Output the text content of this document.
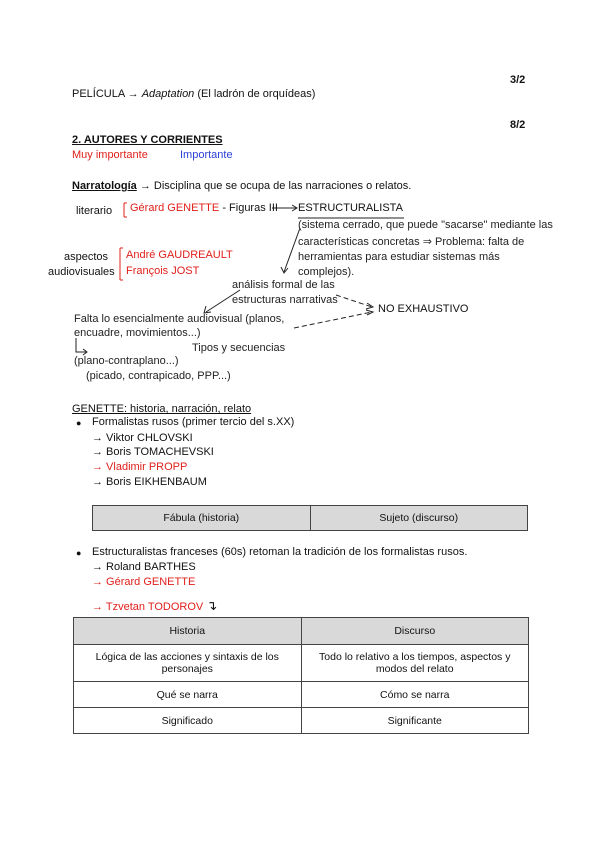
PELÍCULA → Adaptation (El ladrón de orquídeas)
3/2
8/2
2. AUTORES Y CORRIENTES
Muy importante	Importante
Narratología → Disciplina que se ocupa de las narraciones o relatos.
literario Gérard GENETTE - Figuras III ESTRUCTURALISTA
(sistema cerrado, que puede "sacarse" mediante las
características concretas ⇒ Problema: falta de
herramientas para estudiar sistemas más
complejos).
aspectos
audiovisuales
André GAUDREAULT
François JOST
análisis formal de las
estructuras narrativas
NO EXHAUSTIVO
Falta lo esencialmente audiovisual (planos,
encuadre, movimientos...)
Tipos y secuencias
(plano-contraplano...)
(picado, contrapicado, PPP...)
GENETTE: historia, narración, relato
● Formalistas rusos (primer tercio del s.XX)
→ Viktor CHLOVSKI
→ Boris TOMACHEVSKI
→ Vladimir PROPP
→ Boris EIKHENBAUM
Fábula (historia)	Sujeto (discurso)
● Estructuralistas franceses (60s) retoman la tradición de los formalistas rusos.
→ Roland BARTHES
→ Gérard GENETTE
→ Tzvetan TODOROV ↴
Historia	Discurso
Lógica de las acciones y sintaxis de los personajes	Todo lo relativo a los tiempos, aspectos y modos del relato
Qué se narra	Cómo se narra
Significado	Significante
